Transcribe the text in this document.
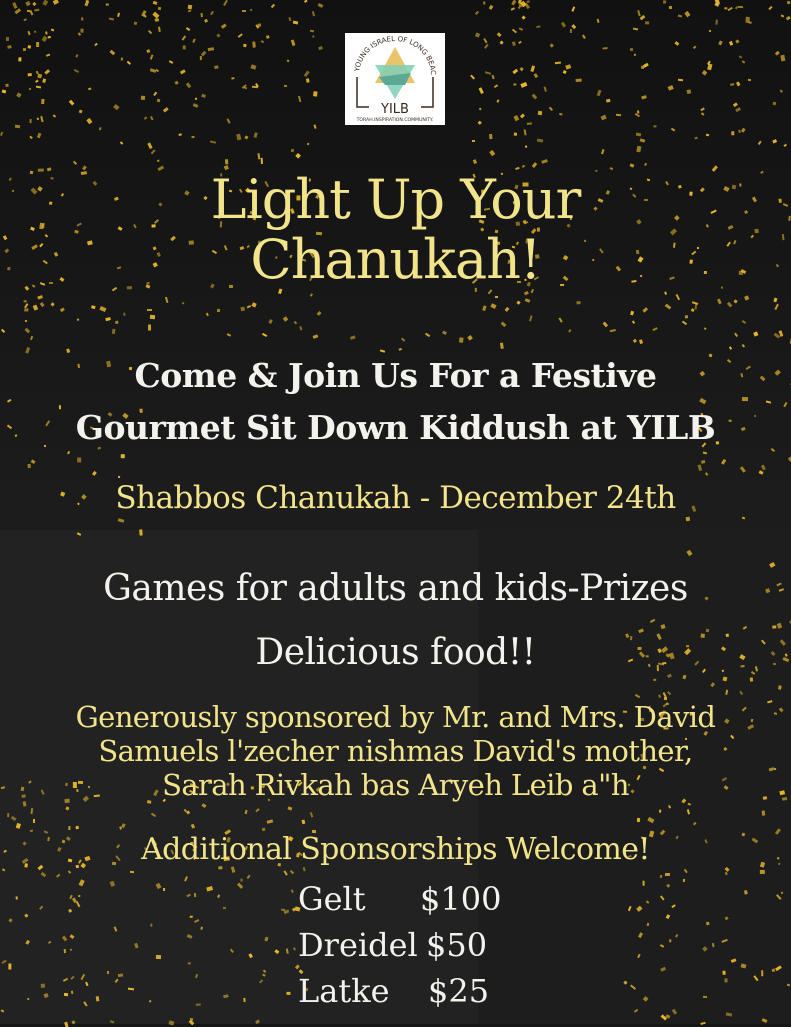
YOUNG ISRAEL OF LONG BEAC
YILB
TORAH.INSPIRATION.COMMUNITY.
Light Up Your
Chanukah!
Come & Join Us For a Festive
Gourmet Sit Down Kiddush at YILB
Shabbos Chanukah - December 24th
Games for adults and kids-Prizes
Delicious food!!
Generously sponsored by Mr. and Mrs. David
Samuels l'zecher nishmas David's mother,
Sarah Rivkah bas Aryeh Leib a"h
Additional Sponsorships Welcome!
Gelt $100
Dreidel $50
Latke $25
